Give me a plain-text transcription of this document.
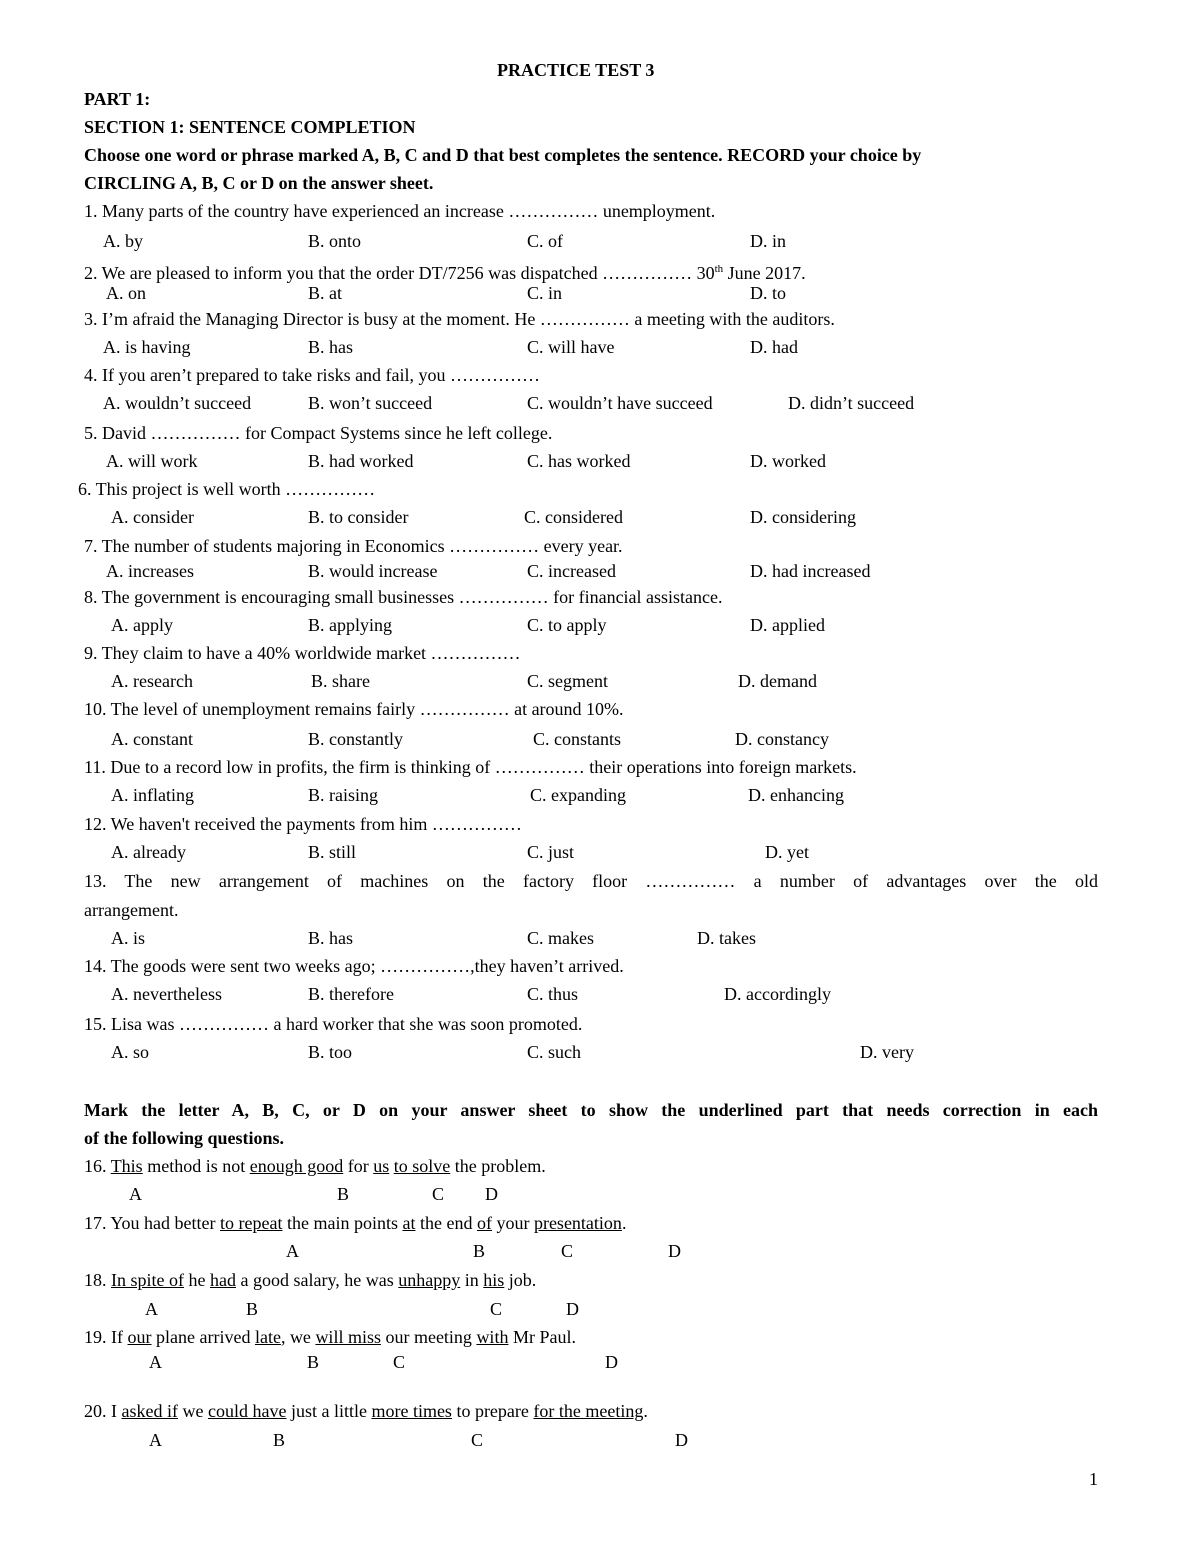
PRACTICE TEST 3
PART 1:
SECTION 1: SENTENCE COMPLETION
Choose one word or phrase marked A, B, C and D that best completes the sentence. RECORD your choice by
CIRCLING A, B, C or D on the answer sheet.
1. Many parts of the country have experienced an increase …………… unemployment.
A. by	B. onto	C. of	D. in
2. We are pleased to inform you that the order DT/7256 was dispatched …………… 30th June 2017.
A. on	B. at	C. in	D. to
3. I’m afraid the Managing Director is busy at the moment. He …………… a meeting with the auditors.
A. is having	B. has	C. will have	D. had
4. If you aren’t prepared to take risks and fail, you ……………
A. wouldn’t succeed	B. won’t succeed	C. wouldn’t have succeed	D. didn’t succeed
5. David …………… for Compact Systems since he left college.
A. will work	B. had worked	C. has worked	D. worked
6. This project is well worth ……………
A. consider	B. to consider	C. considered	D. considering
7. The number of students majoring in Economics …………… every year.
A. increases	B. would increase	C. increased	D. had increased
8. The government is encouraging small businesses …………… for financial assistance.
A. apply	B. applying	C. to apply	D. applied
9. They claim to have a 40% worldwide market ……………
A. research	B. share	C. segment	D. demand
10. The level of unemployment remains fairly …………… at around 10%.
A. constant	B. constantly	C. constants	D. constancy
11. Due to a record low in profits, the firm is thinking of …………… their operations into foreign markets.
A. inflating	B. raising	C. expanding	D. enhancing
12. We haven't received the payments from him ……………
A. already	B. still	C. just	D. yet
13. The new arrangement of machines on the factory floor …………… a number of advantages over the old
arrangement.
A. is	B. has	C. makes	D. takes
14. The goods were sent two weeks ago; ……………,they haven’t arrived.
A. nevertheless	B. therefore	C. thus	D. accordingly
15. Lisa was …………… a hard worker that she was soon promoted.
A. so	B. too	C. such	D. very
Mark the letter A, B, C, or D on your answer sheet to show the underlined part that needs correction in each
of the following questions.
16. This method is not enough good for us to solve the problem.
A	B	C D
17. You had better to repeat the main points at the end of your presentation.
A	B	C	D
18. In spite of he had a good salary, he was unhappy in his job.
A	B	C	D
19. If our plane arrived late, we will miss our meeting with Mr Paul.
A	B	C	D
20. I asked if we could have just a little more times to prepare for the meeting.
A	B	C	D
1
